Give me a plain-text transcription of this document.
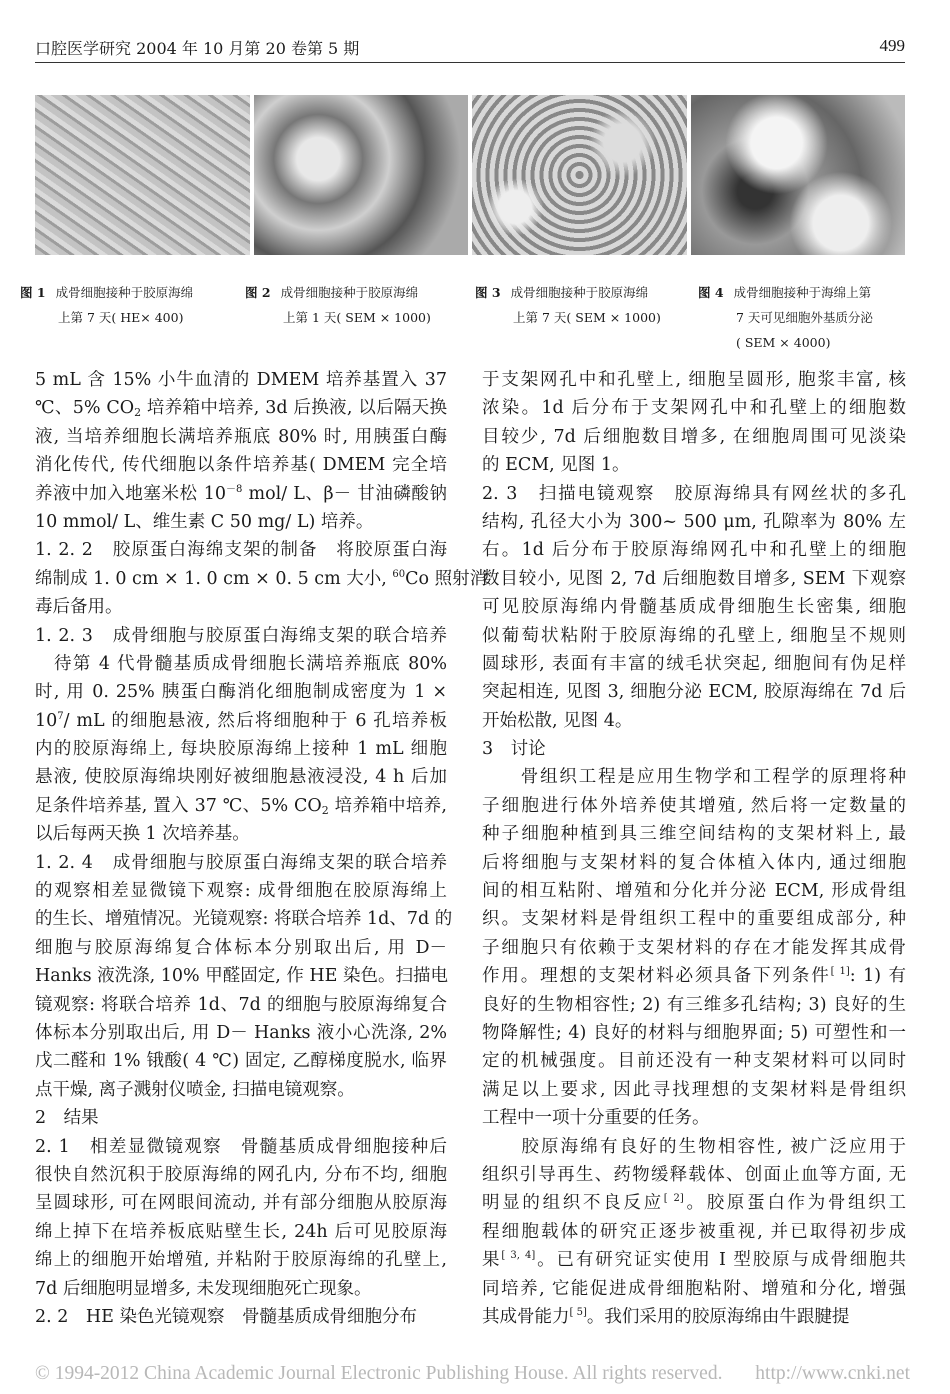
口腔医学研究 2004 年 10 月第 20 卷第 5 期	499
图 1 成骨细胞接种于胶原海绵
上第 7 天( HE× 400)
图 2 成骨细胞接种于胶原海绵
上第 1 天( SEM × 1000)
图 3 成骨细胞接种于胶原海绵
上第 7 天( SEM × 1000)
图 4 成骨细胞接种于海绵上第
7 天可见细胞外基质分泌
( SEM × 4000)
5 mL 含 15% 小牛血清的 DMEM 培养基置入 37
℃、5% $CO_2$ 培养箱中培养, 3d 后换液, 以后隔天换
液, 当培养细胞长满培养瓶底 80% 时, 用胰蛋白酶
消化传代, 传代细胞以条件培养基( DMEM 完全培
养液中加入地塞米松 $10^{-8}$ mol/ L、β－ 甘油磷酸钠
10 mmol/ L、维生素 C 50 mg/ L) 培养。
1. 2. 2　胶原蛋白海绵支架的制备　将胶原蛋白海
绵制成 1. 0 cm × 1. 0 cm × 0. 5 cm 大小, $^{60}$Co 照射消
毒后备用。
1. 2. 3　成骨细胞与胶原蛋白海绵支架的联合培养
　待第 4 代骨髓基质成骨细胞长满培养瓶底 80%
时, 用 0. 25% 胰蛋白酶消化细胞制成密度为 1 ×
$10^7/$ mL 的细胞悬液, 然后将细胞种于 6 孔培养板
内的胶原海绵上, 每块胶原海绵上接种 1 mL 细胞
悬液, 使胶原海绵块刚好被细胞悬液浸没, 4 h 后加
足条件培养基, 置入 37 ℃、5% $CO_2$ 培养箱中培养,
以后每两天换 1 次培养基。
1. 2. 4　成骨细胞与胶原蛋白海绵支架的联合培养
的观察相差显微镜下观察: 成骨细胞在胶原海绵上
的生长、增殖情况。光镜观察: 将联合培养 1d、7d 的
细胞与胶原海绵复合体标本分别取出后, 用 D－
Hanks 液洗涤, 10% 甲醛固定, 作 HE 染色。扫描电
镜观察: 将联合培养 1d、7d 的细胞与胶原海绵复合
体标本分别取出后, 用 D－ Hanks 液小心洗涤, 2%
戊二醛和 1% 锇酸( 4 ℃) 固定, 乙醇梯度脱水, 临界
点干燥, 离子溅射仪喷金, 扫描电镜观察。
2　结果
2. 1　相差显微镜观察　骨髓基质成骨细胞接种后
很快自然沉积于胶原海绵的网孔内, 分布不均, 细胞
呈圆球形, 可在网眼间流动, 并有部分细胞从胶原海
绵上掉下在培养板底贴壁生长, 24h 后可见胶原海
绵上的细胞开始增殖, 并粘附于胶原海绵的孔壁上,
7d 后细胞明显增多, 未发现细胞死亡现象。
2. 2　HE 染色光镜观察　骨髓基质成骨细胞分布
于支架网孔中和孔壁上, 细胞呈圆形, 胞浆丰富, 核
浓染。1d 后分布于支架网孔中和孔壁上的细胞数
目较少, 7d 后细胞数目增多, 在细胞周围可见淡染
的 ECM, 见图 1。
2. 3　扫描电镜观察　胶原海绵具有网丝状的多孔
结构, 孔径大小为 300~ 500 μm, 孔隙率为 80% 左
右。1d 后分布于胶原海绵网孔中和孔壁上的细胞
数目较小, 见图 2, 7d 后细胞数目增多, SEM 下观察
可见胶原海绵内骨髓基质成骨细胞生长密集, 细胞
似葡萄状粘附于胶原海绵的孔壁上, 细胞呈不规则
圆球形, 表面有丰富的绒毛状突起, 细胞间有伪足样
突起相连, 见图 3, 细胞分泌 ECM, 胶原海绵在 7d 后
开始松散, 见图 4。
3　讨论
　　骨组织工程是应用生物学和工程学的原理将种
子细胞进行体外培养使其增殖, 然后将一定数量的
种子细胞种植到具三维空间结构的支架材料上, 最
后将细胞与支架材料的复合体植入体内, 通过细胞
间的相互粘附、增殖和分化并分泌 ECM, 形成骨组
织。支架材料是骨组织工程中的重要组成部分, 种
子细胞只有依赖于支架材料的存在才能发挥其成骨
作用。理想的支架材料必须具备下列条件[ 1]: 1) 有
良好的生物相容性; 2) 有三维多孔结构; 3) 良好的生
物降解性; 4) 良好的材料与细胞界面; 5) 可塑性和一
定的机械强度。目前还没有一种支架材料可以同时
满足以上要求, 因此寻找理想的支架材料是骨组织
工程中一项十分重要的任务。
　　胶原海绵有良好的生物相容性, 被广泛应用于
组织引导再生、药物缓释载体、创面止血等方面, 无
明显的组织不良反应[ 2]。胶原蛋白作为骨组织工
程细胞载体的研究正逐步被重视, 并已取得初步成
果[ 3, 4]。已有研究证实使用 I 型胶原与成骨细胞共
同培养, 它能促进成骨细胞粘附、增殖和分化, 增强
其成骨能力[ 5]。我们采用的胶原海绵由牛跟腱提
© 1994-2012 China Academic Journal Electronic Publishing House. All rights reserved. http://www.cnki.net
